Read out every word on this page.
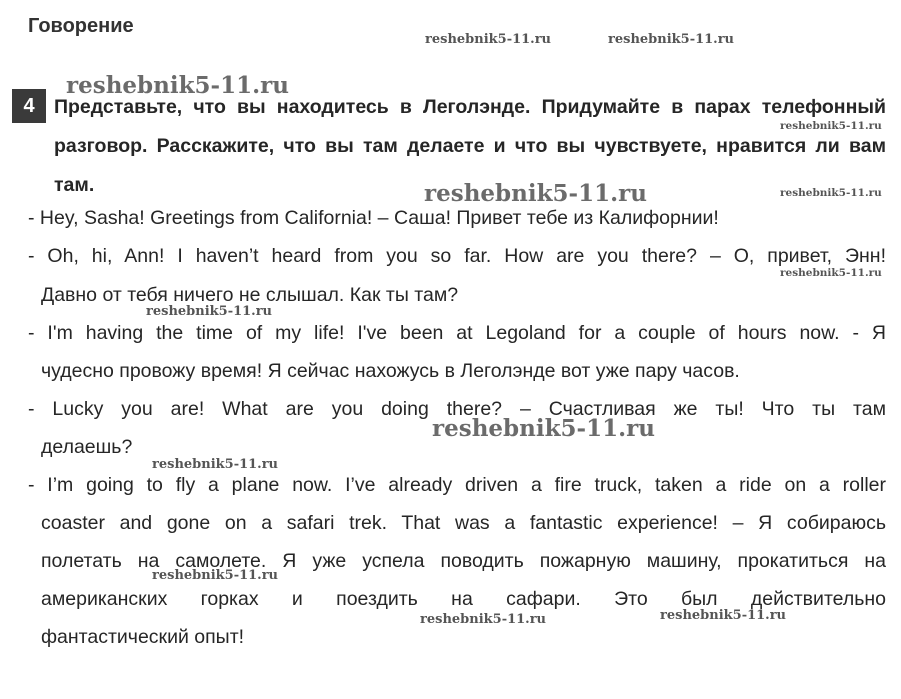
Говорение
4 Представьте, что вы находитесь в Леголэнде. Придумайте в парах телефонный разговор. Расскажите, что вы там делаете и что вы чувствуете, нравится ли вам там.
- Hey, Sasha! Greetings from California! – Саша! Привет тебе из Калифорнии!
- Oh, hi, Ann! I haven’t heard from you so far. How are you there? – О, привет, Энн!
Давно от тебя ничего не слышал. Как ты там?
- I'm having the time of my life! I've been at Legoland for a couple of hours now. - Я
чудесно провожу время! Я сейчас нахожусь в Леголэнде вот уже пару часов.
- Lucky you are! What are you doing there? – Счастливая же ты! Что ты там
делаешь?
- I’m going to fly a plane now. I’ve already driven a fire truck, taken a ride on a roller
coaster and gone on a safari trek. That was a fantastic experience! – Я собираюсь
полетать на самолете. Я уже успела поводить пожарную машину, прокатиться на
американских горках и поездить на сафари. Это был действительно
фантастический опыт!
reshebnik5-11.ru	reshebnik5-11.ru
reshebnik5-11.ru
reshebnik5-11.ru
reshebnik5-11.ru	reshebnik5-11.ru
reshebnik5-11.ru
reshebnik5-11.ru
reshebnik5-11.ru
reshebnik5-11.ru
reshebnik5-11.ru
reshebnik5-11.ru	reshebnik5-11.ru
